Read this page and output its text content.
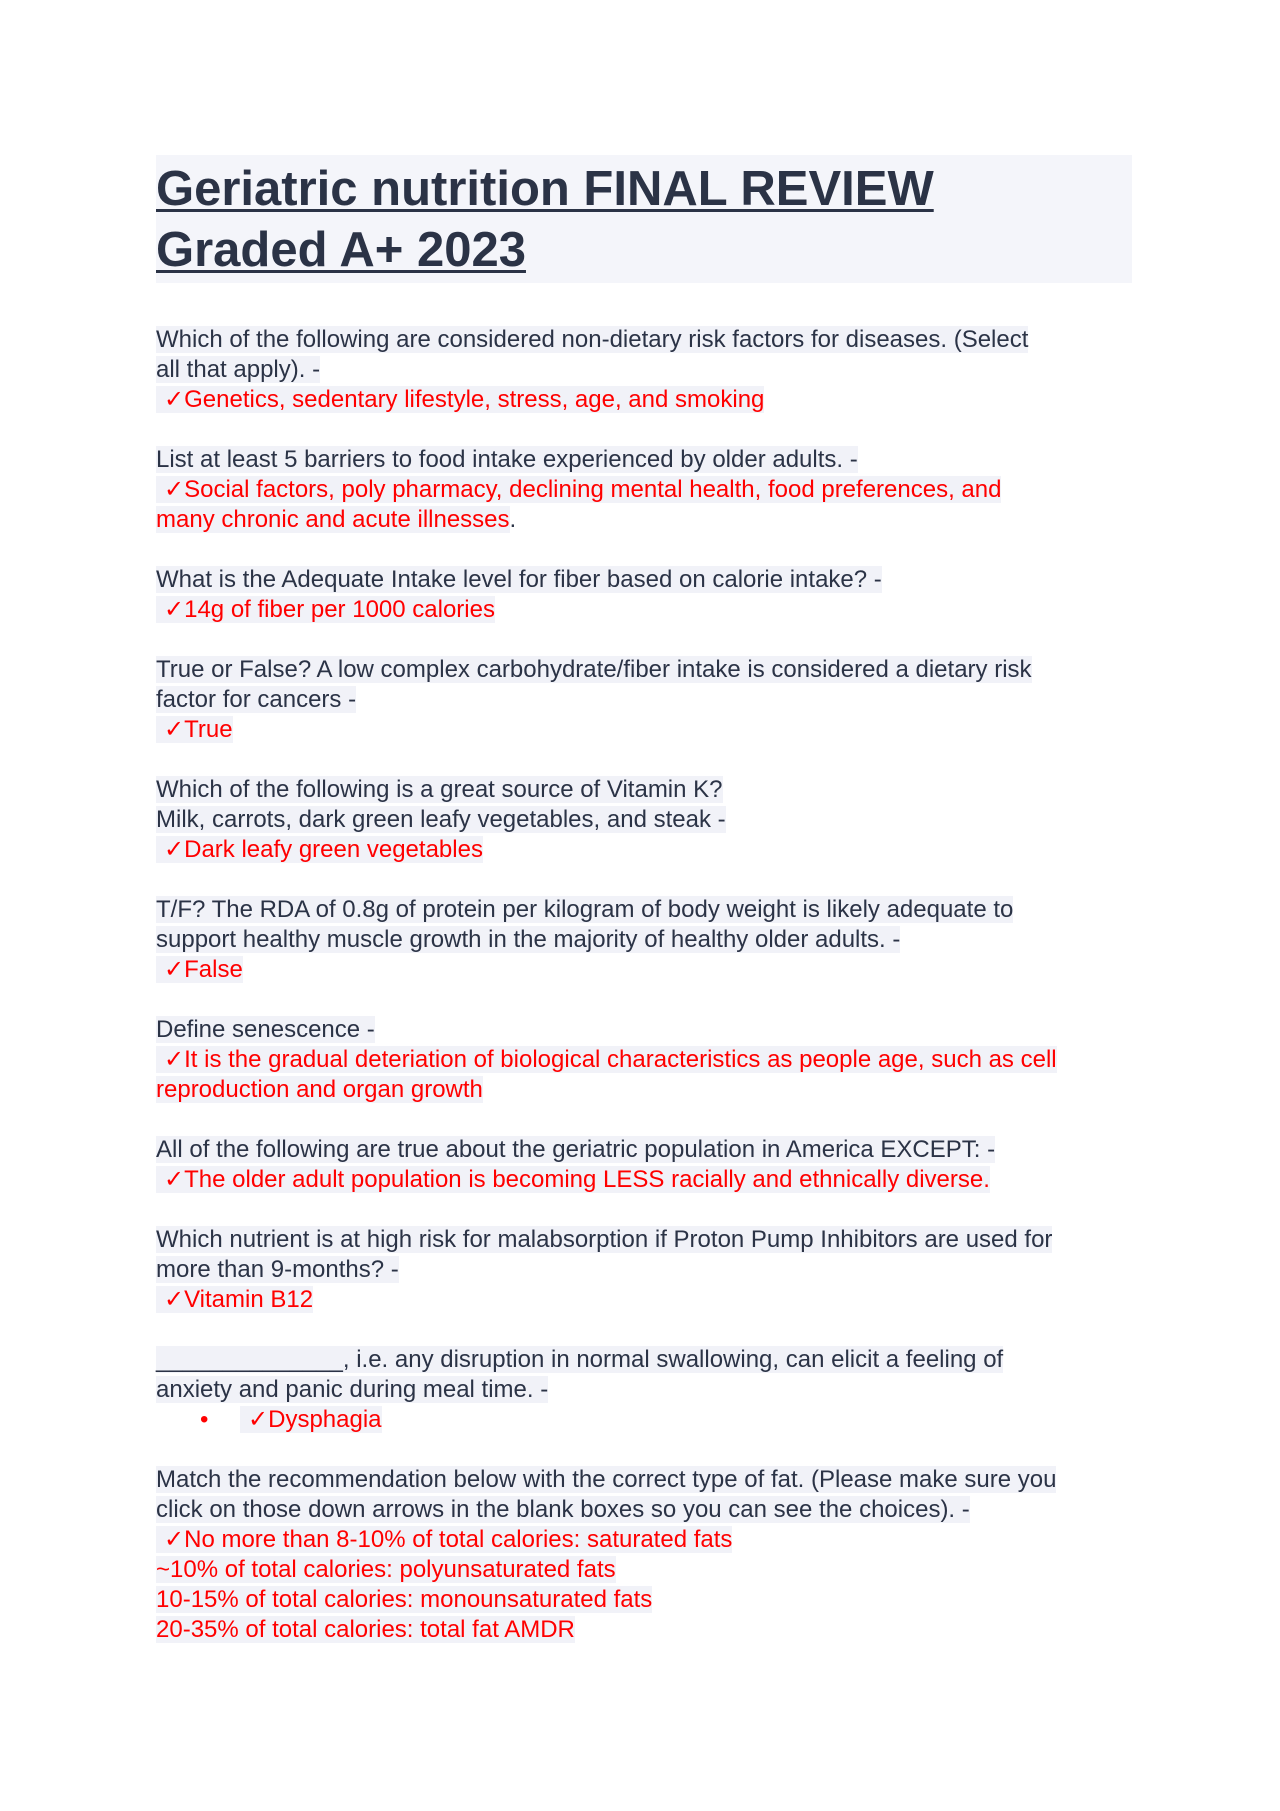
Geriatric nutrition FINAL REVIEW
Graded A+ 2023
Which of the following are considered non-dietary risk factors for diseases. (Select
all that apply). -
✓Genetics, sedentary lifestyle, stress, age, and smoking
List at least 5 barriers to food intake experienced by older adults. -
✓Social factors, poly pharmacy, declining mental health, food preferences, and
many chronic and acute illnesses.
What is the Adequate Intake level for fiber based on calorie intake? -
✓14g of fiber per 1000 calories
True or False? A low complex carbohydrate/fiber intake is considered a dietary risk
factor for cancers -
✓True
Which of the following is a great source of Vitamin K?
Milk, carrots, dark green leafy vegetables, and steak -
✓Dark leafy green vegetables
T/F? The RDA of 0.8g of protein per kilogram of body weight is likely adequate to
support healthy muscle growth in the majority of healthy older adults. -
✓False
Define senescence -
✓It is the gradual deteriation of biological characteristics as people age, such as cell
reproduction and organ growth
All of the following are true about the geriatric population in America EXCEPT: -
✓The older adult population is becoming LESS racially and ethnically diverse.
Which nutrient is at high risk for malabsorption if Proton Pump Inhibitors are used for
more than 9-months? -
✓Vitamin B12
______________, i.e. any disruption in normal swallowing, can elicit a feeling of
anxiety and panic during meal time. -
• ✓Dysphagia
Match the recommendation below with the correct type of fat. (Please make sure you
click on those down arrows in the blank boxes so you can see the choices). -
✓No more than 8-10% of total calories: saturated fats
~10% of total calories: polyunsaturated fats
10-15% of total calories: monounsaturated fats
20-35% of total calories: total fat AMDR
